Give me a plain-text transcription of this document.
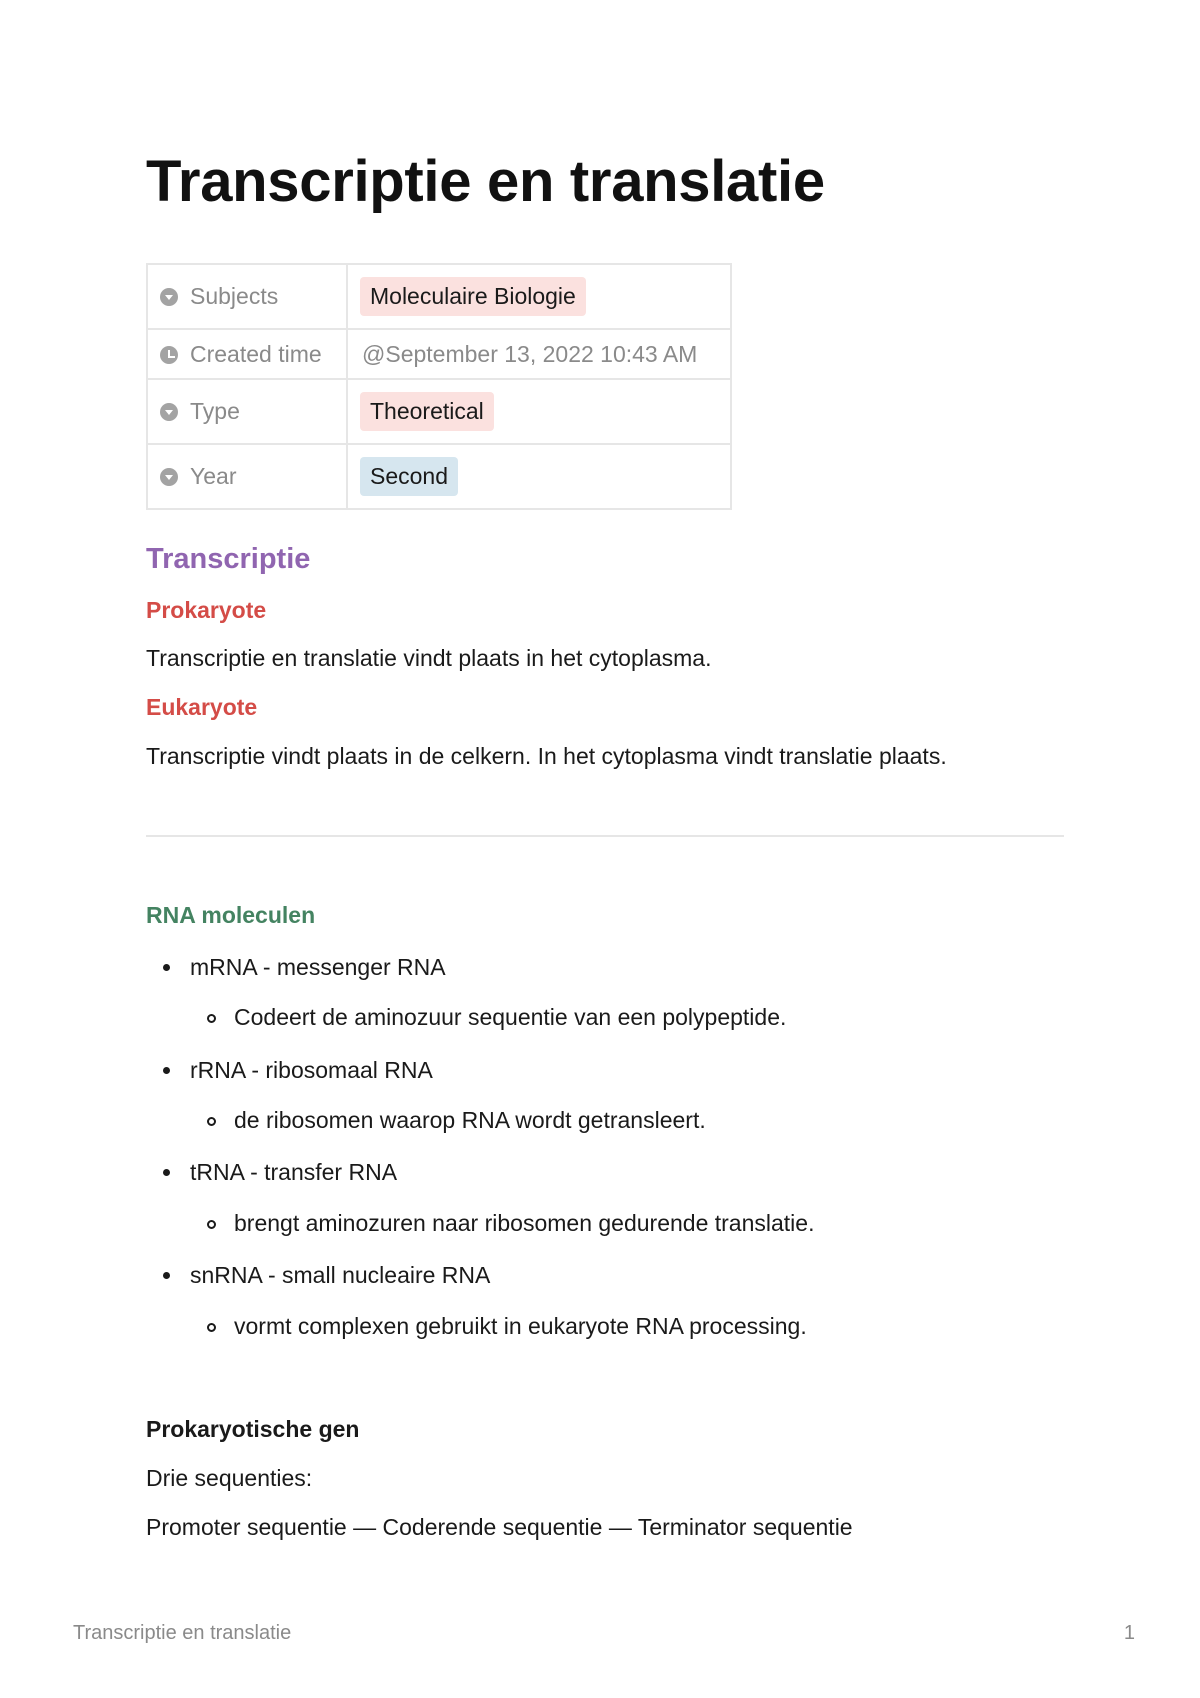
Transcriptie en translatie
Subjects	Moleculaire Biologie
Created time	@September 13, 2022 10:43 AM
Type	Theoretical
Year	Second
Transcriptie
Prokaryote

Transcriptie en translatie vindt plaats in het cytoplasma.

Eukaryote

Transcriptie vindt plaats in de celkern. In het cytoplasma vindt translatie plaats.

RNA moleculen

mRNA - messenger RNA

Codeert de aminozuur sequentie van een polypeptide.

rRNA - ribosomaal RNA

de ribosomen waarop RNA wordt getransleert.

tRNA - transfer RNA

brengt aminozuren naar ribosomen gedurende translatie.

snRNA - small nucleaire RNA

vormt complexen gebruikt in eukaryote RNA processing.

Prokaryotische gen

Drie sequenties:

Promoter sequentie — Coderende sequentie — Terminator sequentie

Transcriptie en translatie	1
